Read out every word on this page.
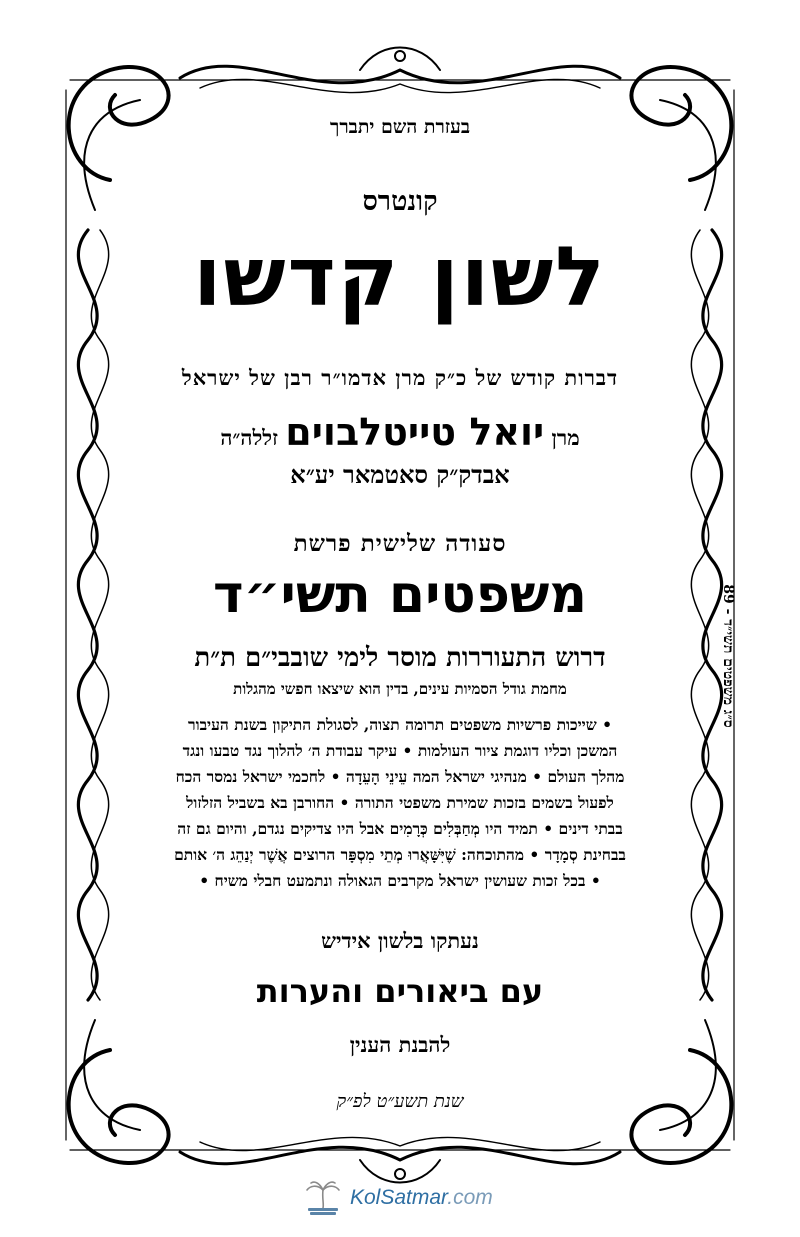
בעזרת השם יתברך
קונטרס
לשון קדשו
דברות קודש של כ״ק מרן אדמו״ר רבן של ישראל
מרן יואל טייטלבוים זללה״ה
אבדק״ק סאטמאר יע״א
סעודה שלישית פרשת
משפטים תשי״ד
דרוש התעוררות מוסר לימי שובבי״ם ת״ת
מחמת גודל הסמיות עינים, בדין הוא שיצאו חפשי מהגלות
• שייכות פרשיות משפטים תרומה תצוה, לסגולת התיקון בשנת העיבור
המשכן וכליו דוגמת ציור העולמות • עיקר עבודת ה׳ להלוך נגד טבעו ונגד
מהלך העולם • מנהיגי ישראל המה עֵינֵי הָעֵדָה • לחכמי ישראל נמסר הכח
לפעול בשמים בזכות שמירת משפטי התורה • החורבן בא בשביל הזלזול
בבתי דינים • תמיד היו מְחַבְּלִים כְּרָמִים אבל היו צדיקים נגדם, והיום גם זה
בבחינת סְמָדָר • מהתוכחה: שֶׁיִּשָּׁאֲרוּ מְתֵי מִסְפָּר הרוצים אֲשֶׁר יְנַהֵג ה׳ אותם
• בכל זכות שעושין ישראל מקרבים הגאולה ונתמעט חבלי משיח •
נעתקו בלשון אידיש
עם ביאורים והערות
להבנת הענין
שנת תשע״ט לפ״ק
ס״ג משפטים תשי״ד - 89
KolSatmar.com
